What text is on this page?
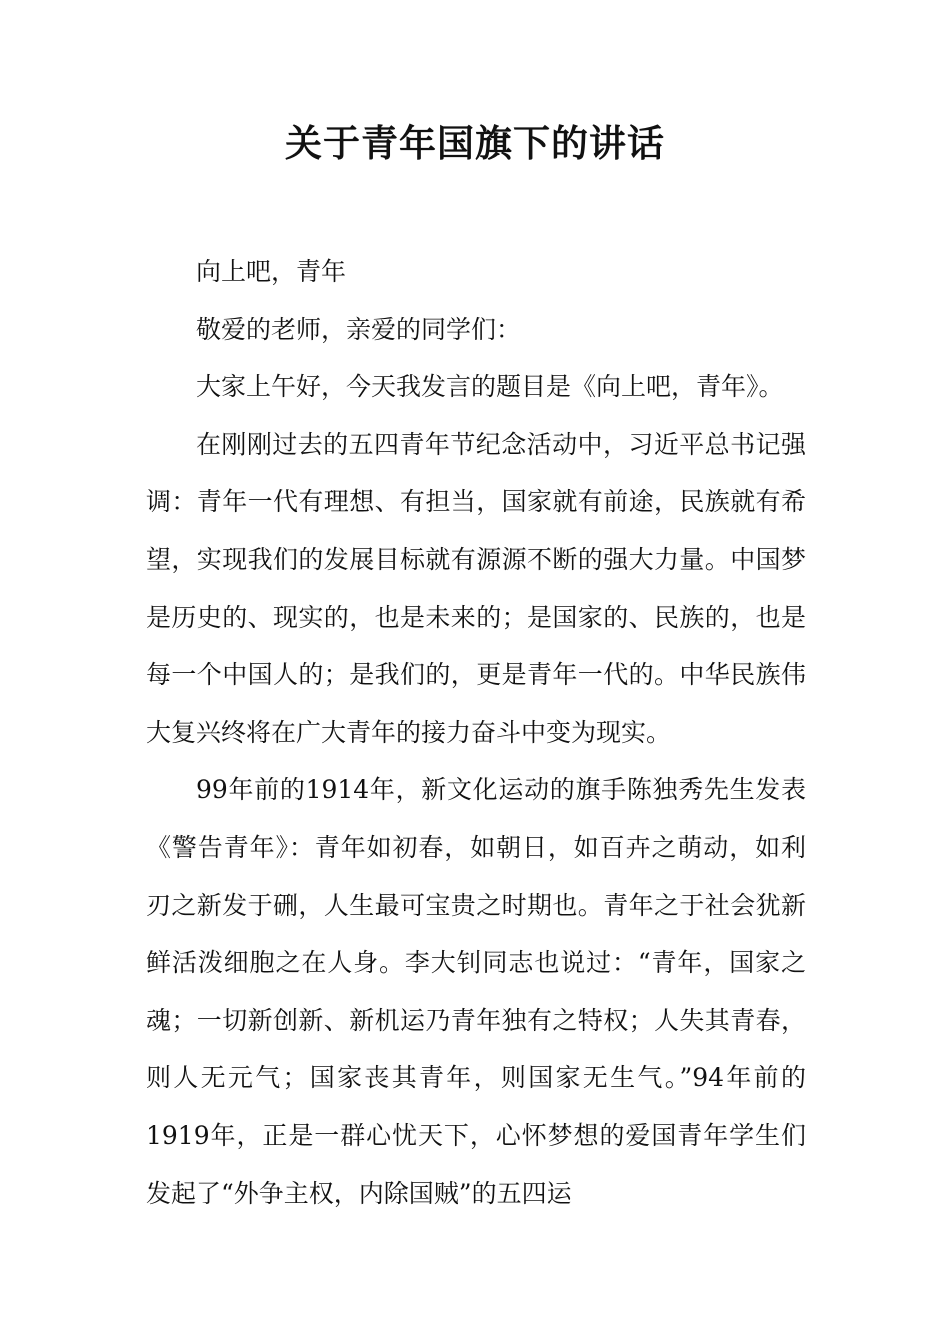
关于青年国旗下的讲话

向上吧，青年

敬爱的老师，亲爱的同学们：

大家上午好，今天我发言的题目是《向上吧，青年》。

在刚刚过去的五四青年节纪念活动中，习近平总书记强调：青年一代有理想、有担当，国家就有前途，民族就有希望，实现我们的发展目标就有源源不断的强大力量。中国梦是历史的、现实的，也是未来的；是国家的、民族的，也是每一个中国人的；是我们的，更是青年一代的。中华民族伟大复兴终将在广大青年的接力奋斗中变为现实。

99年前的1914年，新文化运动的旗手陈独秀先生发表《警告青年》：青年如初春，如朝日，如百卉之萌动，如利刃之新发于硎，人生最可宝贵之时期也。青年之于社会犹新鲜活泼细胞之在人身。李大钊同志也说过：“青年，国家之魂；一切新创新、新机运乃青年独有之特权；人失其青春，则人无元气；国家丧其青年，则国家无生气。”94年前的1919年，正是一群心忧天下，心怀梦想的爱国青年学生们发起了“外争主权，内除国贼”的五四运
